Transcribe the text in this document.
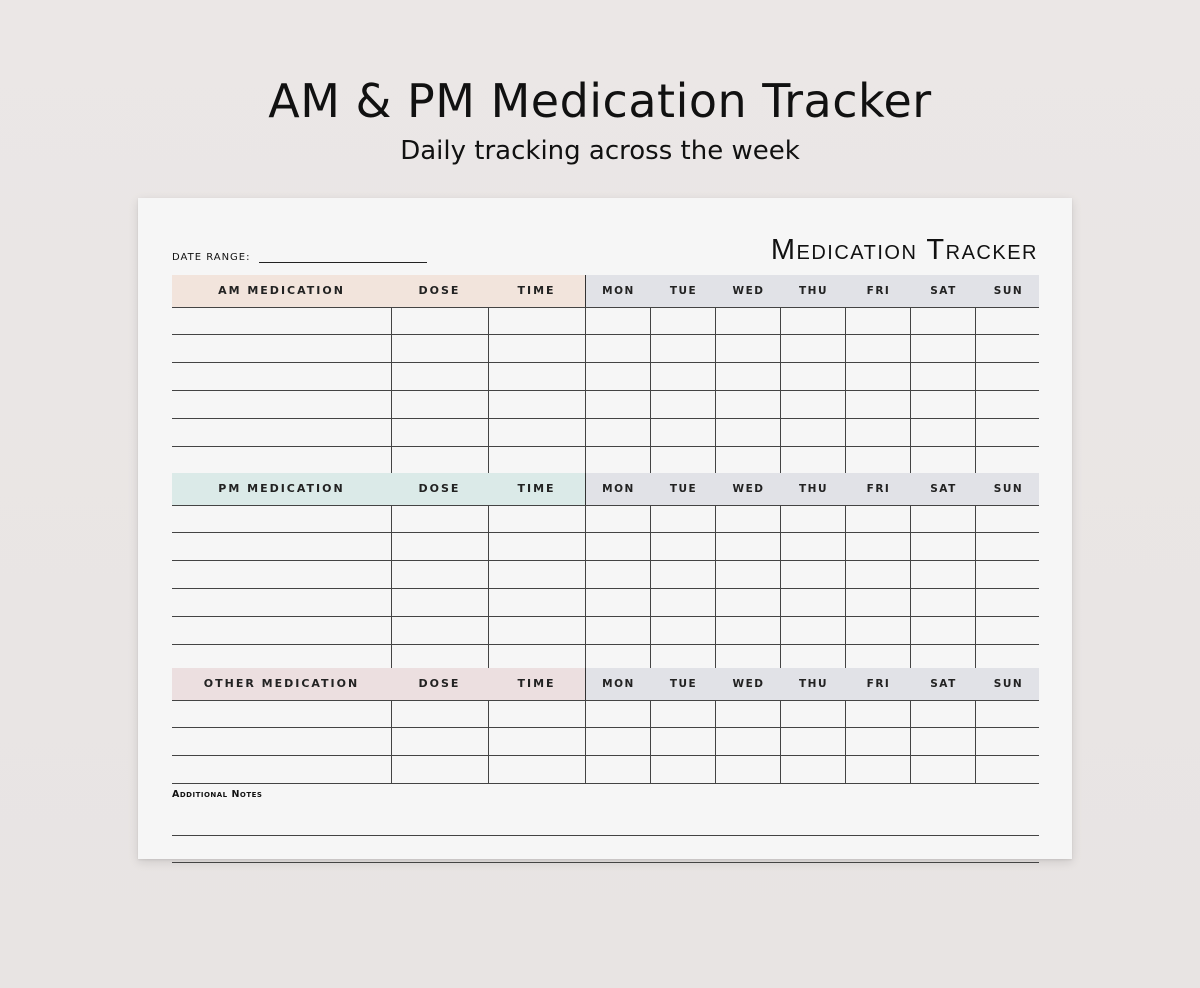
AM & PM Medication Tracker
Daily tracking across the week
DATE RANGE:	Medication Tracker
AM MEDICATION	DOSE	TIME	MON	TUE	WED	THU	FRI	SAT	SUN
PM MEDICATION	DOSE	TIME	MON	TUE	WED	THU	FRI	SAT	SUN
OTHER MEDICATION	DOSE	TIME	MON	TUE	WED	THU	FRI	SAT	SUN
Additional Notes
